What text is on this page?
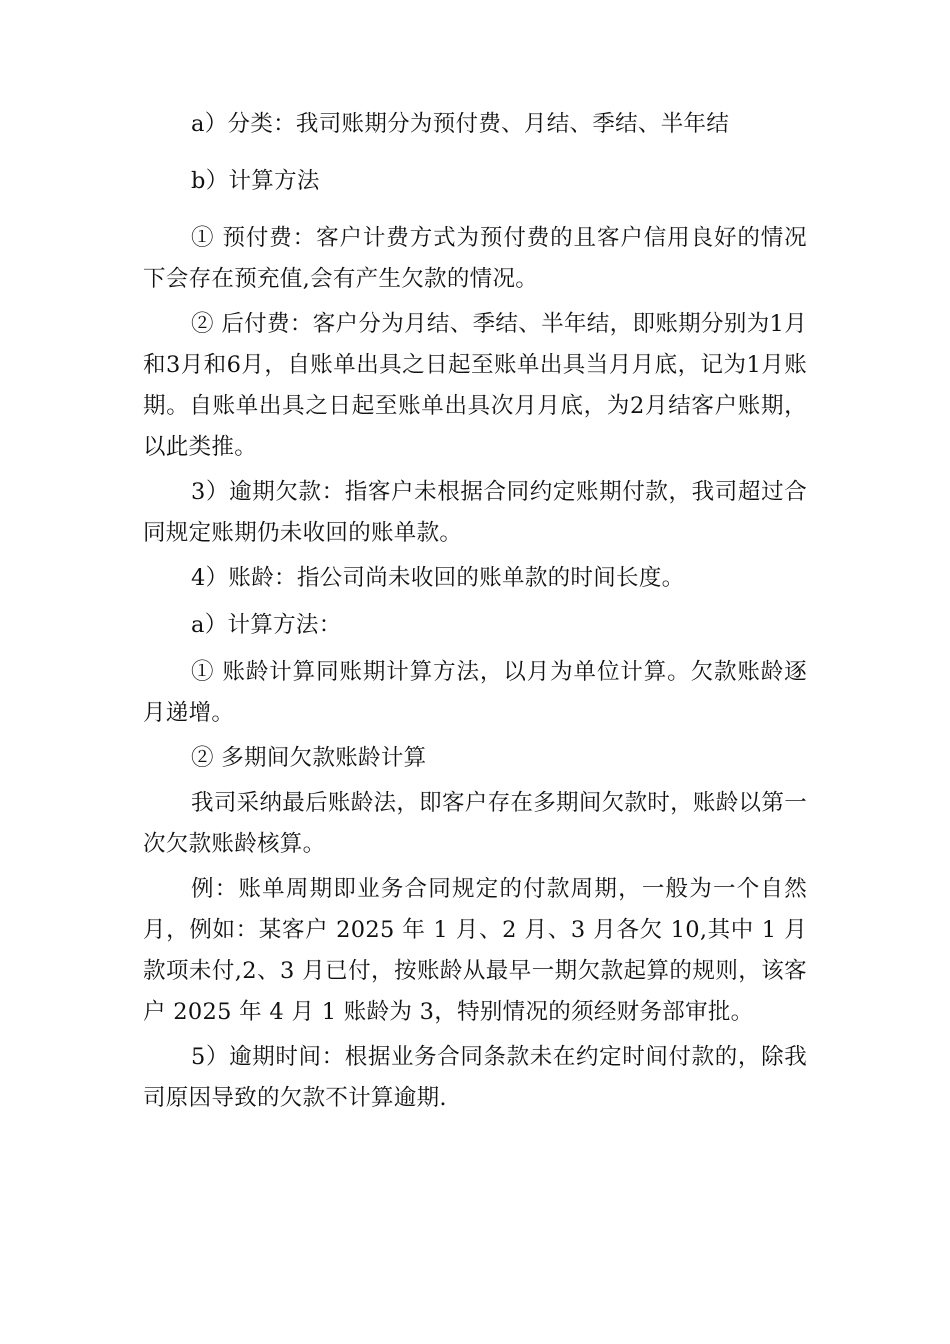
a）分类：我司账期分为预付费、月结、季结、半年结

b）计算方法

① 预付费：客户计费方式为预付费的且客户信用良好的情况下会存在预充值,会有产生欠款的情况。

② 后付费：客户分为月结、季结、半年结，即账期分别为1月和3月和6月，自账单出具之日起至账单出具当月月底，记为1月账期。自账单出具之日起至账单出具次月月底，为2月结客户账期，以此类推。

3）逾期欠款：指客户未根据合同约定账期付款，我司超过合同规定账期仍未收回的账单款。

4）账龄：指公司尚未收回的账单款的时间长度。

a）计算方法：

① 账龄计算同账期计算方法，以月为单位计算。欠款账龄逐月递增。

② 多期间欠款账龄计算

我司采纳最后账龄法，即客户存在多期间欠款时，账龄以第一次欠款账龄核算。

例：账单周期即业务合同规定的付款周期，一般为一个自然月，例如：某客户 2025 年 1 月、2 月、3 月各欠 10,其中 1 月款项未付,2、3 月已付，按账龄从最早一期欠款起算的规则，该客户 2025 年 4 月 1 账龄为 3，特别情况的须经财务部审批。

5）逾期时间：根据业务合同条款未在约定时间付款的，除我司原因导致的欠款不计算逾期.
